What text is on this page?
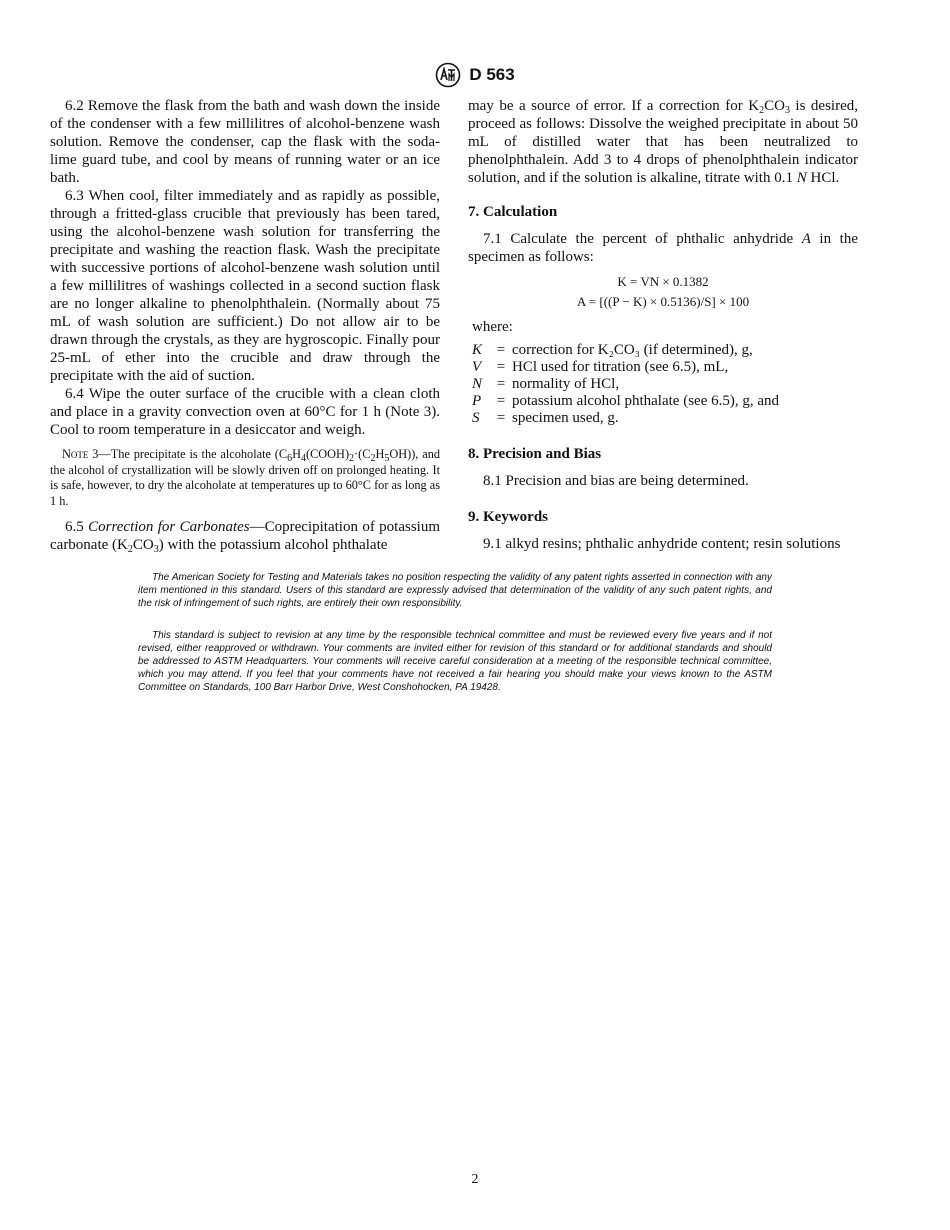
D 563

6.2 Remove the flask from the bath and wash down the inside of the condenser with a few millilitres of alcohol-benzene wash solution. Remove the condenser, cap the flask with the soda-lime guard tube, and cool by means of running water or an ice bath.

6.3 When cool, filter immediately and as rapidly as possible, through a fritted-glass crucible that previously has been tared, using the alcohol-benzene wash solution for transferring the precipitate and washing the reaction flask. Wash the precipitate with successive portions of alcohol-benzene wash solution until a few millilitres of washings collected in a second suction flask are no longer alkaline to phenolphthalein. (Normally about 75 mL of wash solution are sufficient.) Do not allow air to be drawn through the crystals, as they are hygroscopic. Finally pour 25-mL of ether into the crucible and draw through the precipitate with the aid of suction.

6.4 Wipe the outer surface of the crucible with a clean cloth and place in a gravity convection oven at 60°C for 1 h (Note 3). Cool to room temperature in a desiccator and weigh.

Note 3—The precipitate is the alcoholate $(C_6H_4(COOH)_2\cdot(C_2H_5OH))$, and the alcohol of crystallization will be slowly driven off on prolonged heating. It is safe, however, to dry the alcoholate at temperatures up to 60°C for as long as 1 h.

6.5 Correction for Carbonates—Coprecipitation of potassium carbonate $(K_2CO_3)$ with the potassium alcohol phthalate

may be a source of error. If a correction for $K_2CO_3$ is desired, proceed as follows: Dissolve the weighed precipitate in about 50 mL of distilled water that has been neutralized to phenolphthalein. Add 3 to 4 drops of phenolphthalein indicator solution, and if the solution is alkaline, titrate with 0.1 N HCl.

7. Calculation

7.1 Calculate the percent of phthalic anhydride A in the specimen as follows:

K = VN × 0.1382
A = [((P − K) × 0.5136)/S] × 100
where:
K	=	correction for K₂CO₃ (if determined), g,
V	=	HCl used for titration (see 6.5), mL,
N	=	normality of HCl,
P	=	potassium alcohol phthalate (see 6.5), g, and
S	=	specimen used, g.
8. Precision and Bias

8.1 Precision and bias are being determined.

9. Keywords

9.1 alkyd resins; phthalic anhydride content; resin solutions

The American Society for Testing and Materials takes no position respecting the validity of any patent rights asserted in connection with any item mentioned in this standard. Users of this standard are expressly advised that determination of the validity of any such patent rights, and the risk of infringement of such rights, are entirely their own responsibility.

This standard is subject to revision at any time by the responsible technical committee and must be reviewed every five years and if not revised, either reapproved or withdrawn. Your comments are invited either for revision of this standard or for additional standards and should be addressed to ASTM Headquarters. Your comments will receive careful consideration at a meeting of the responsible technical committee, which you may attend. If you feel that your comments have not received a fair hearing you should make your views known to the ASTM Committee on Standards, 100 Barr Harbor Drive, West Conshohocken, PA 19428.

2
